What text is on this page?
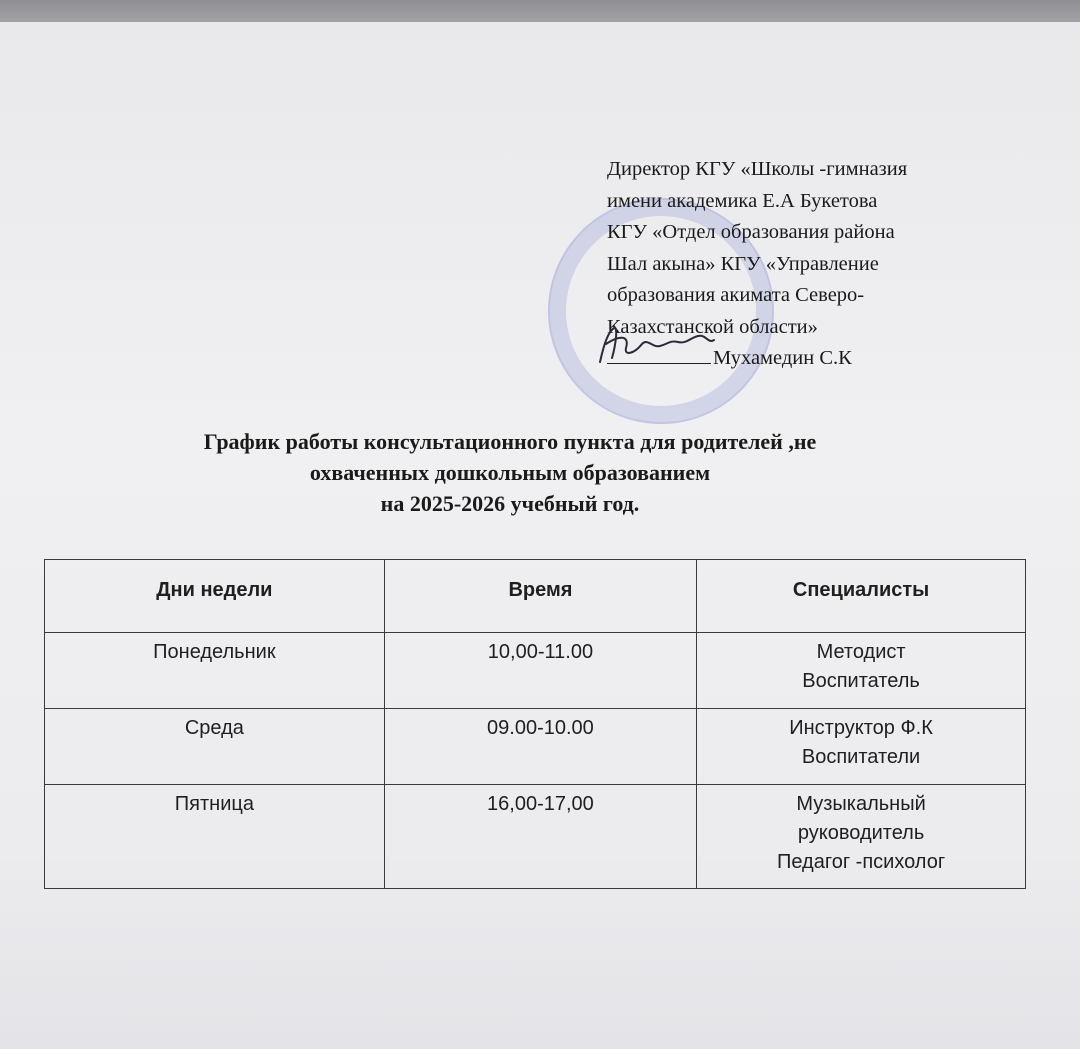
Директор КГУ «Школы -гимназия
имени академика Е.А Букетова
КГУ «Отдел образования района
Шал акына» КГУ «Управление
образования акимата Северо-
Казахстанской области»
Мухамедин С.К
График работы консультационного пункта для родителей ,не
охваченных дошкольным образованием
на 2025-2026 учебный год.
Дни недели	Время	Специалисты
Понедельник	10,00-11.00	Методист
Воспитатель

Среда	09.00-10.00	Инструктор Ф.К
Воспитатели

Пятница	16,00-17,00	Музыкальный
руководитель
Педагог -психолог
